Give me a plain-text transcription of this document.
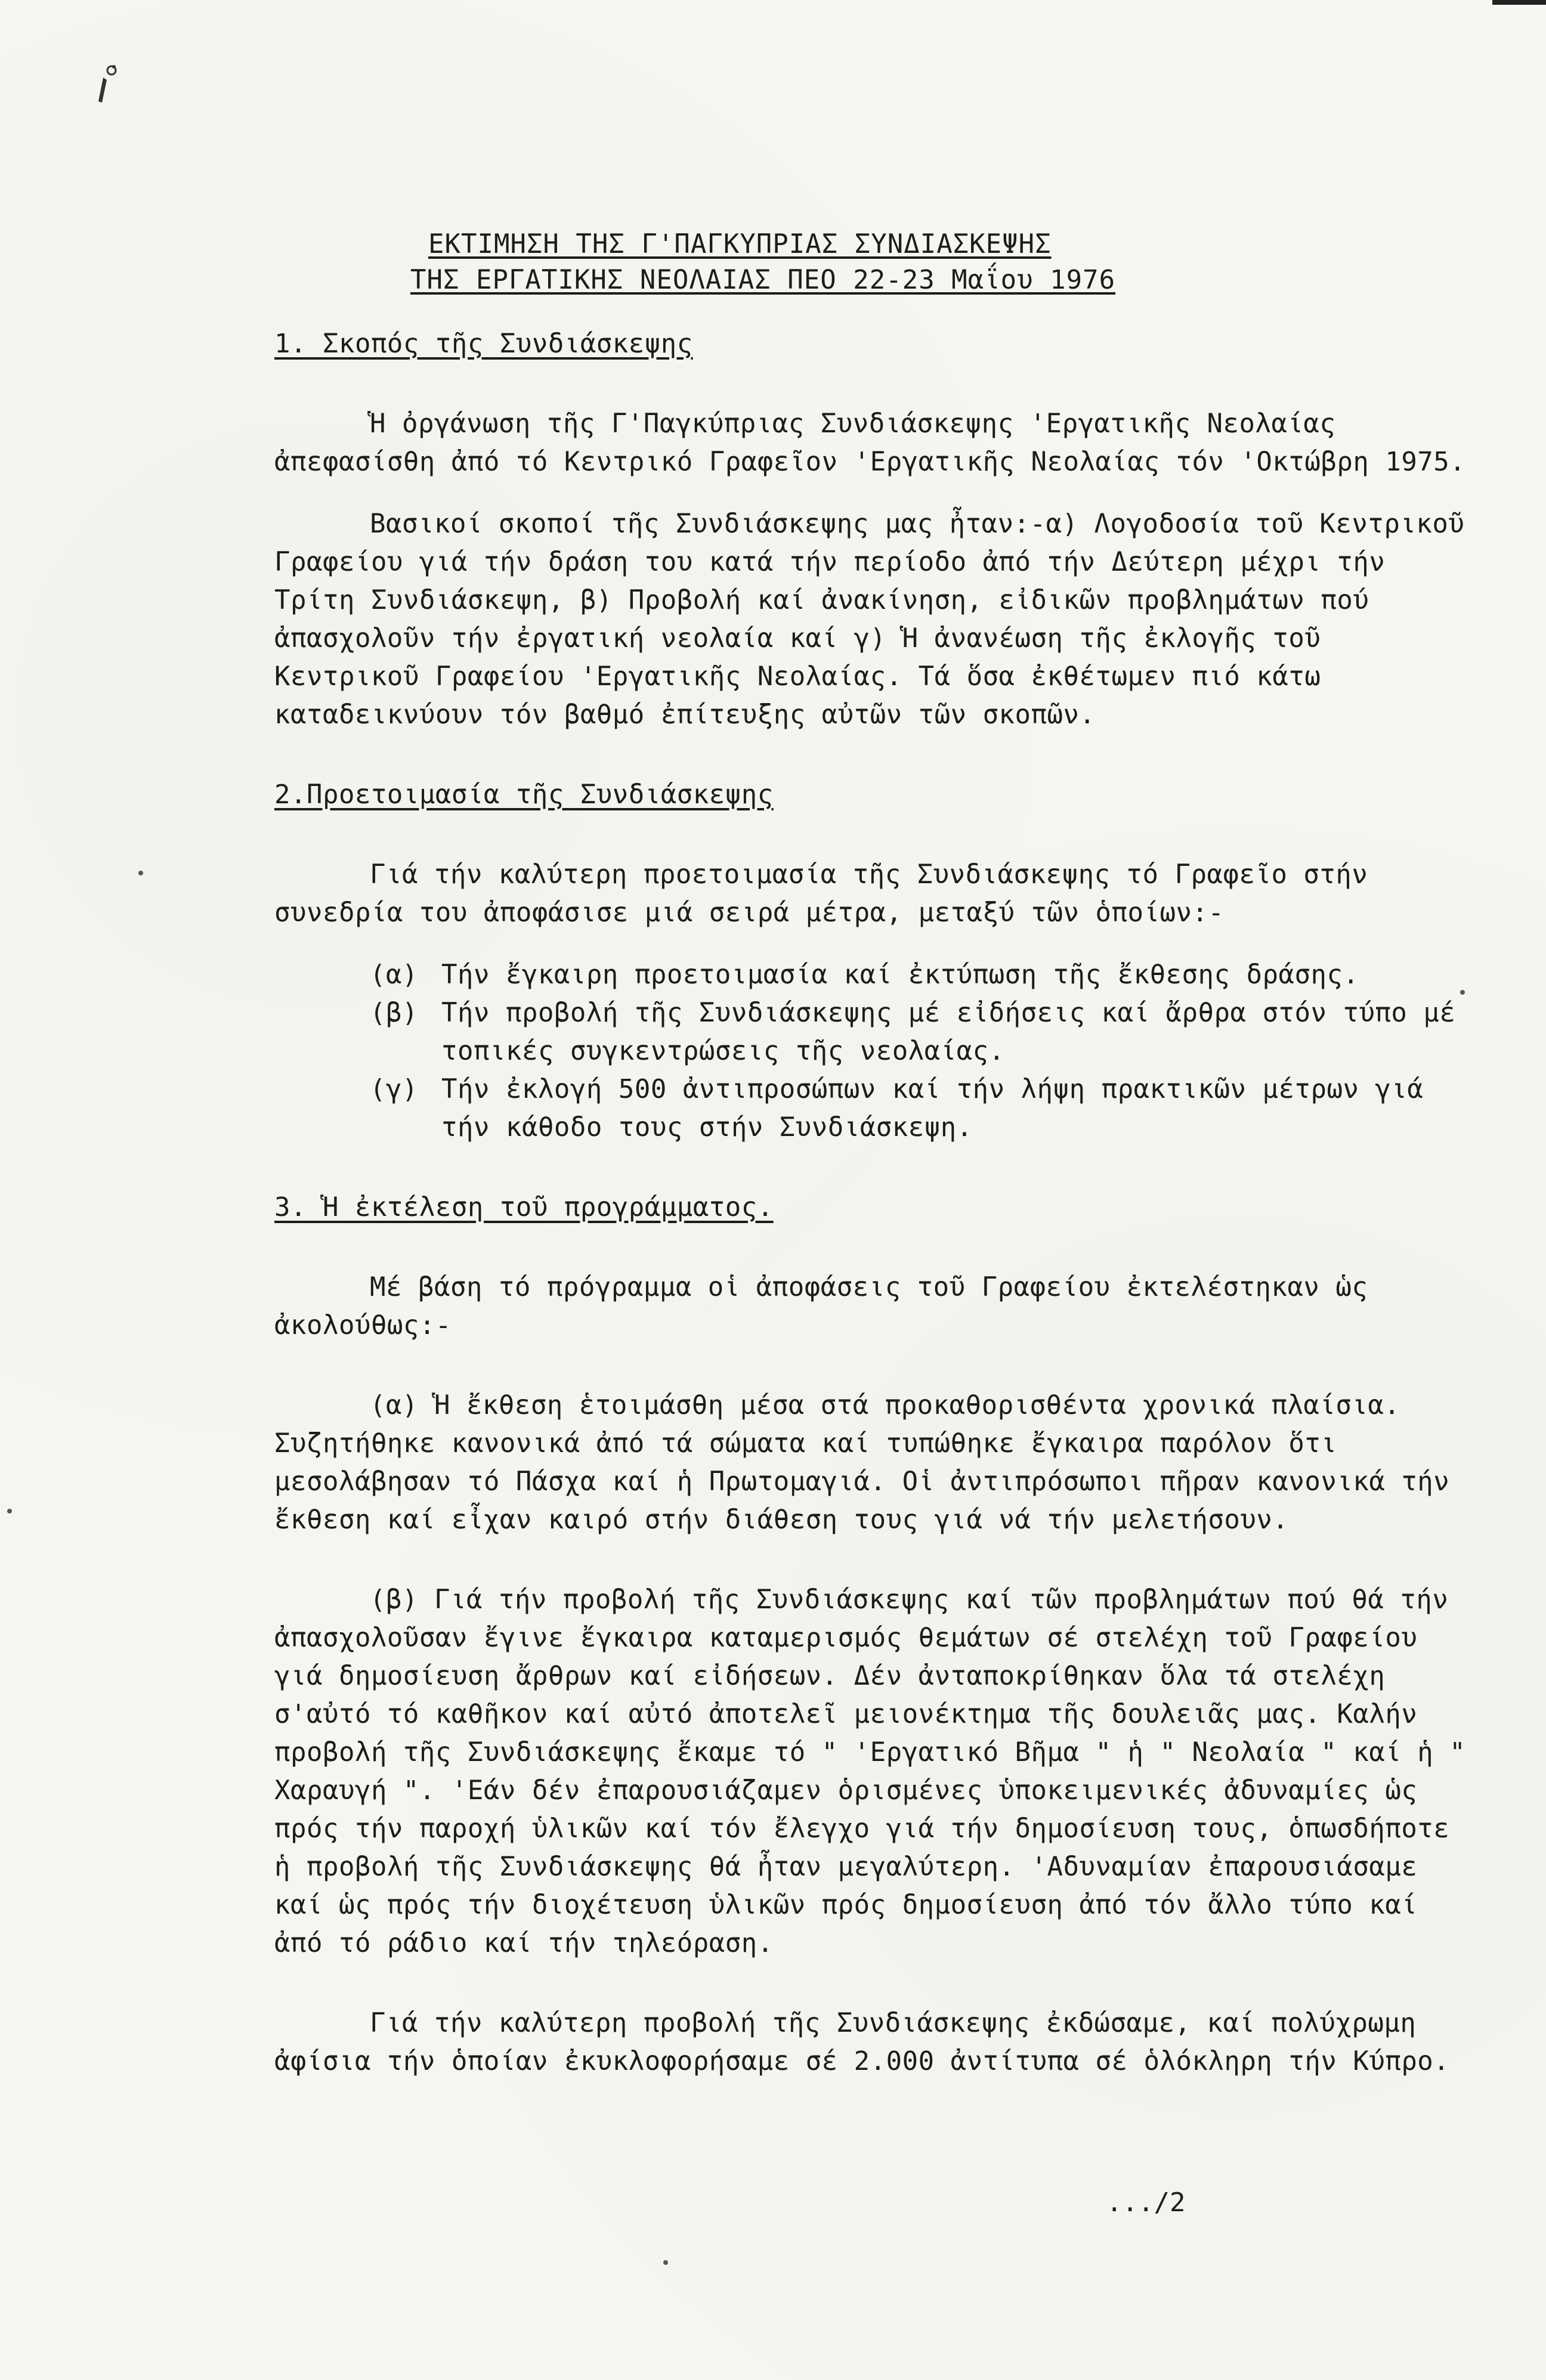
ΕΚΤΙΜΗΣΗ ΤΗΣ Γ'ΠΑΓΚΥΠΡΙΑΣ ΣΥΝΔΙΑΣΚΕΨΗΣ
ΤΗΣ ΕΡΓΑΤΙΚΗΣ ΝΕΟΛΑΙΑΣ ΠΕΟ 22-23 Μαΐου 1976
1. Σκοπός τῆς Συνδιάσκεψης

Ἡ ὀργάνωση τῆς Γ'Παγκύπριας Συνδιάσκεψης 'Εργατικῆς Νεολαίας ἀπεφασίσθη ἀπό τό Κεντρικό Γραφεῖον 'Εργατικῆς Νεολαίας τόν 'Οκτώβρη 1975.

Βασικοί σκοποί τῆς Συνδιάσκεψης μας ἦταν:-α) Λογοδοσία τοῦ Κεντρικοῦ Γραφείου γιά τήν δράση του κατά τήν περίοδο ἀπό τήν Δεύτερη μέχρι τήν Τρίτη Συνδιάσκεψη, β) Προβολή καί ἀνακίνηση, εἰδικῶν προβλημάτων πού ἀπασχολοῦν τήν ἐργατική νεολαία καί γ) Ἡ ἀνανέωση τῆς ἐκλογῆς τοῦ Κεντρικοῦ Γραφείου 'Εργατικῆς Νεολαίας. Τά ὅσα ἐκθέτωμεν πιό κάτω καταδεικνύουν τόν βαθμό ἐπίτευξης αὐτῶν τῶν σκοπῶν.

2.Προετοιμασία τῆς Συνδιάσκεψης

Γιά τήν καλύτερη προετοιμασία τῆς Συνδιάσκεψης τό Γραφεῖο στήν συνεδρία του ἀποφάσισε μιά σειρά μέτρα, μεταξύ τῶν ὁποίων:-

(α) Τήν ἔγκαιρη προετοιμασία καί ἐκτύπωση τῆς ἔκθεσης δράσης.
(β) Τήν προβολή τῆς Συνδιάσκεψης μέ εἰδήσεις καί ἄρθρα στόν τύπο μέ τοπικές συγκεντρώσεις τῆς νεολαίας.
(γ) Τήν ἐκλογή 500 ἀντιπροσώπων καί τήν λήψη πρακτικῶν μέτρων γιά τήν κάθοδο τους στήν Συνδιάσκεψη.
3. Ἡ ἐκτέλεση τοῦ προγράμματος.

Μέ βάση τό πρόγραμμα οἱ ἀποφάσεις τοῦ Γραφείου ἐκτελέστηκαν ὡς ἀκολούθως:-

(α) Ἡ ἔκθεση ἑτοιμάσθη μέσα στά προκαθορισθέντα χρονικά πλαίσια. Συζητήθηκε κανονικά ἀπό τά σώματα καί τυπώθηκε ἔγκαιρα παρόλον ὅτι μεσολάβησαν τό Πάσχα καί ἡ Πρωτομαγιά. Οἱ ἀντιπρόσωποι πῆραν κανονικά τήν ἔκθεση καί εἶχαν καιρό στήν διάθεση τους γιά νά τήν μελετήσουν.

(β) Γιά τήν προβολή τῆς Συνδιάσκεψης καί τῶν προβλημάτων πού θά τήν ἀπασχολοῦσαν ἔγινε ἔγκαιρα καταμερισμός θεμάτων σέ στελέχη τοῦ Γραφείου γιά δημοσίευση ἄρθρων καί εἰδήσεων. Δέν ἀνταποκρίθηκαν ὅλα τά στελέχη σ'αὐτό τό καθῆκον καί αὐτό ἀποτελεῖ μειονέκτημα τῆς δουλειᾶς μας. Καλήν προβολή τῆς Συνδιάσκεψης ἔκαμε τό " 'Εργατικό Βῆμα " ἡ " Νεολαία " καί ἡ " Χαραυγή ". 'Εάν δέν ἐπαρουσιάζαμεν ὁρισμένες ὑποκειμενικές ἀδυναμίες ὡς πρός τήν παροχή ὑλικῶν καί τόν ἔλεγχο γιά τήν δημοσίευση τους, ὁπωσδήποτε ἡ προβολή τῆς Συνδιάσκεψης θά ἦταν μεγαλύτερη. 'Αδυναμίαν ἐπαρουσιάσαμε καί ὡς πρός τήν διοχέτευση ὑλικῶν πρός δημοσίευση ἀπό τόν ἄλλο τύπο καί ἀπό τό ράδιο καί τήν τηλεόραση.

Γιά τήν καλύτερη προβολή τῆς Συνδιάσκεψης ἐκδώσαμε, καί πολύχρωμη ἀφίσια τήν ὁποίαν ἐκυκλοφορήσαμε σέ 2.000 ἀντίτυπα σέ ὁλόκληρη τήν Κύπρο.

.../2
